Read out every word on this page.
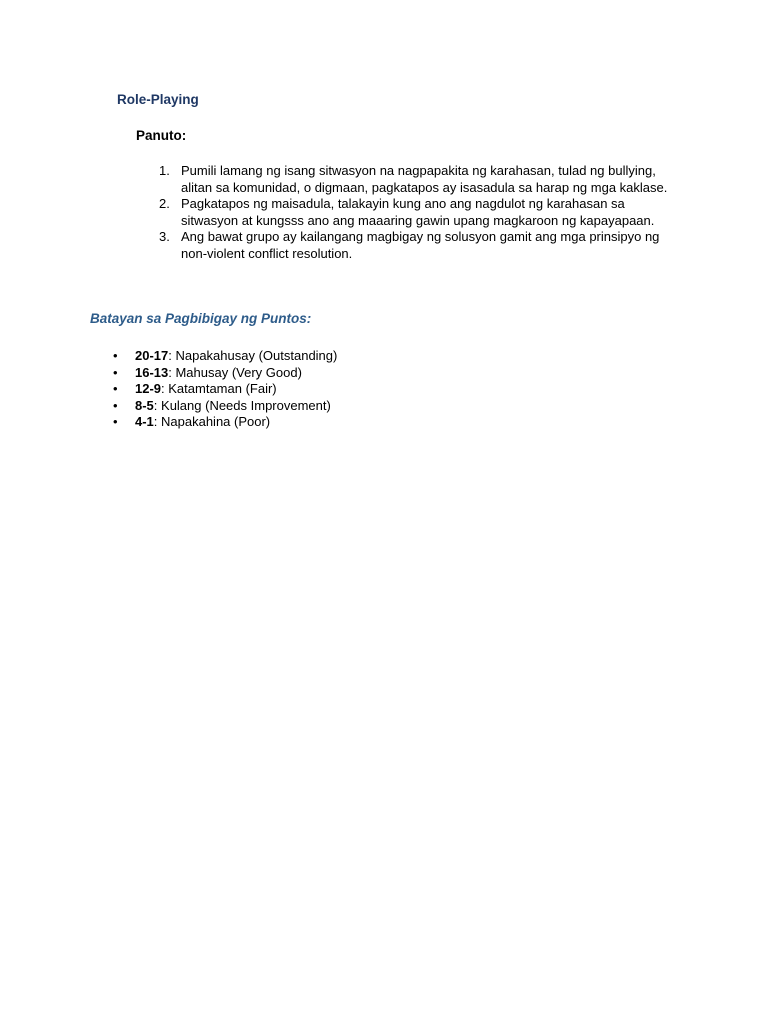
Role-Playing
Panuto:
1. Pumili lamang ng isang sitwasyon na nagpapakita ng karahasan, tulad ng bullying, alitan sa komunidad, o digmaan, pagkatapos ay isasadula sa harap ng mga kaklase.
2. Pagkatapos ng maisadula, talakayin kung ano ang nagdulot ng karahasan sa sitwasyon at kungsss ano ang maaaring gawin upang magkaroon ng kapayapaan.
3. Ang bawat grupo ay kailangang magbigay ng solusyon gamit ang mga prinsipyo ng non-violent conflict resolution.
Batayan sa Pagbibigay ng Puntos:
• 20-17: Napakahusay (Outstanding)
• 16-13: Mahusay (Very Good)
• 12-9: Katamtaman (Fair)
• 8-5: Kulang (Needs Improvement)
• 4-1: Napakahina (Poor)
